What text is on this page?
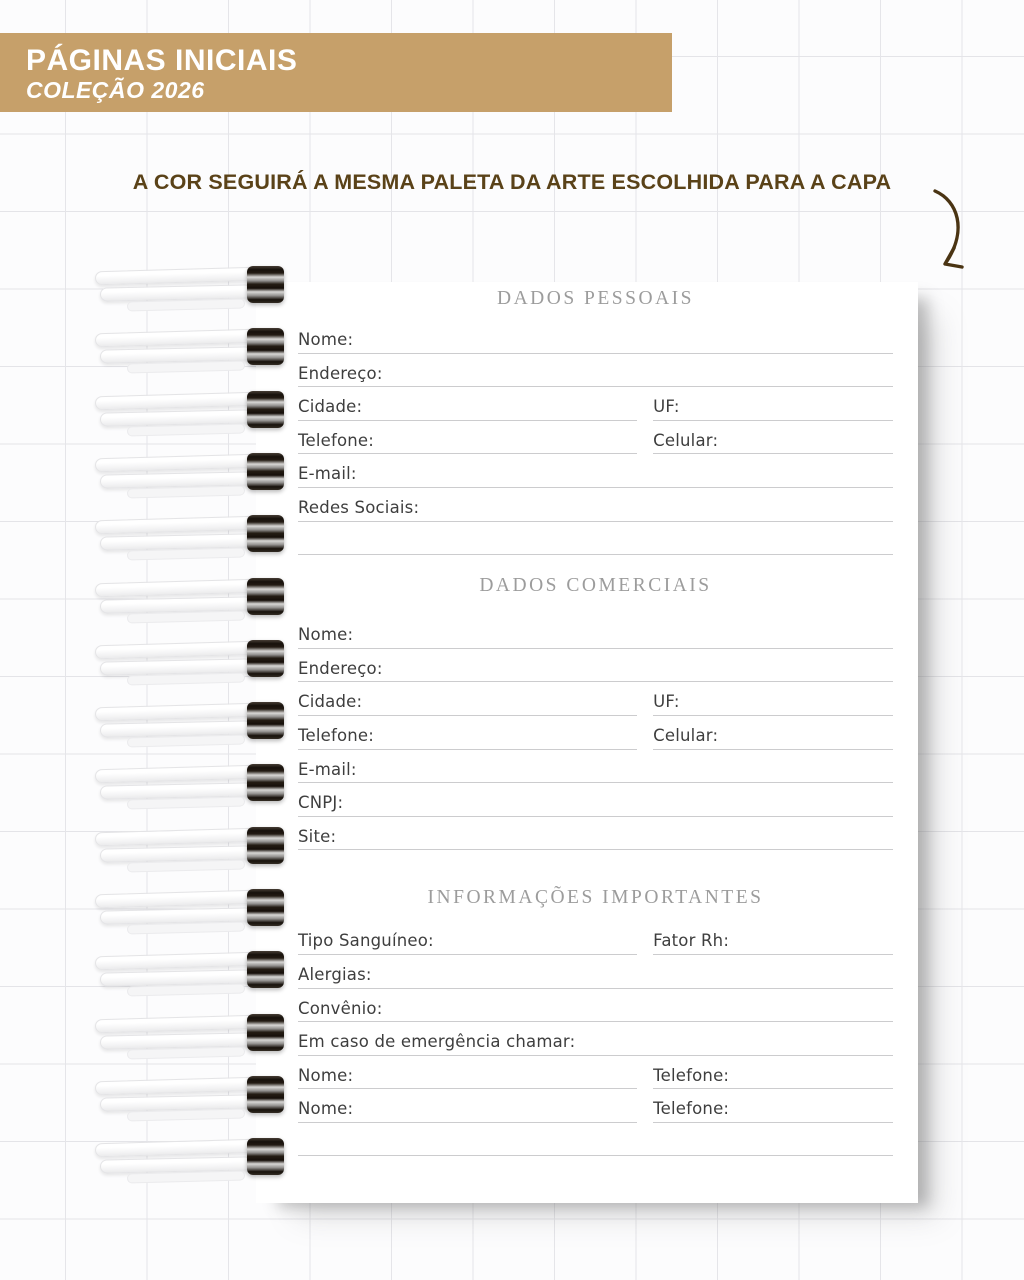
PÁGINAS INICIAIS
COLEÇÃO 2026
A COR SEGUIRÁ A MESMA PALETA DA ARTE ESCOLHIDA PARA A CAPA
DADOS PESSOAIS
Nome:
Endereço:
Cidade:	UF:
Telefone:	Celular:
E-mail:
Redes Sociais:
DADOS COMERCIAIS
Nome:
Endereço:
Cidade:	UF:
Telefone:	Celular:
E-mail:
CNPJ:
Site:
INFORMAÇÕES IMPORTANTES
Tipo Sanguíneo:	Fator Rh:
Alergias:
Convênio:
Em caso de emergência chamar:
Nome:	Telefone:
Nome:	Telefone:
